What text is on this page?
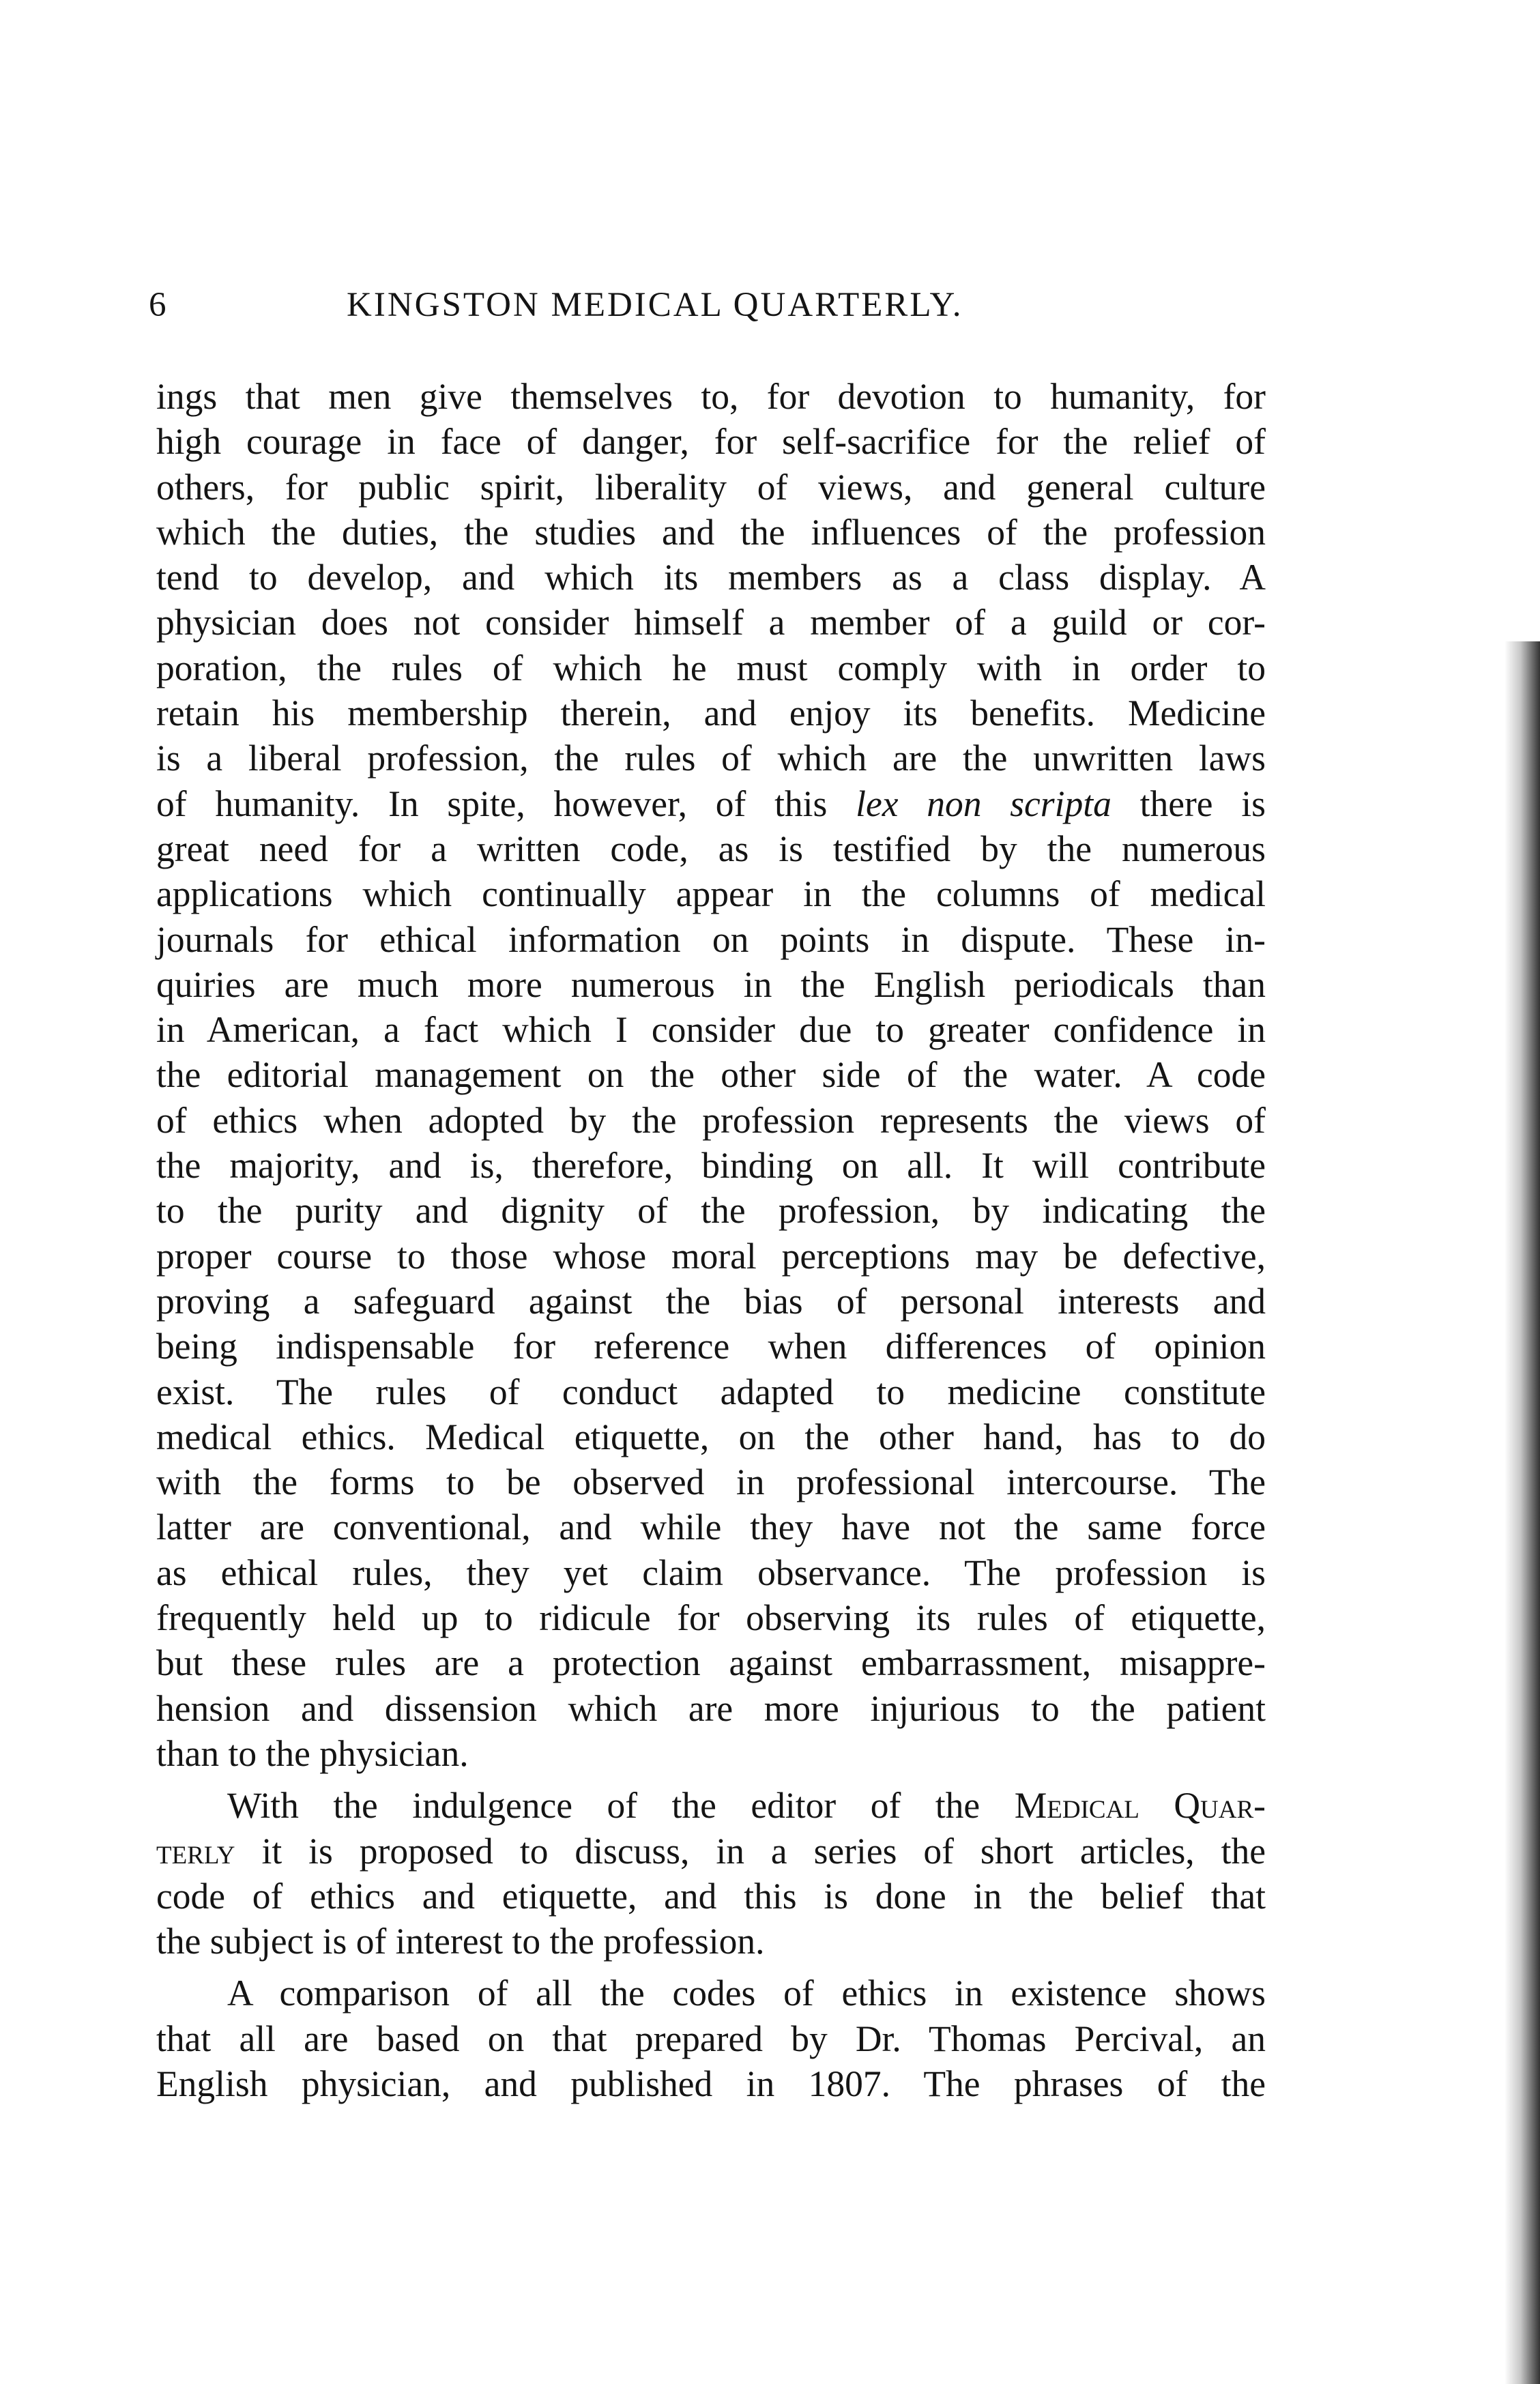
6	KINGSTON MEDICAL QUARTERLY.
ings that men give themselves to, for devotion to humanity, for
high courage in face of danger, for self-sacrifice for the relief of
others, for public spirit, liberality of views, and general culture
which the duties, the studies and the influences of the profession
tend to develop, and which its members as a class display. A
physician does not consider himself a member of a guild or cor-
poration, the rules of which he must comply with in order to
retain his membership therein, and enjoy its benefits. Medicine
is a liberal profession, the rules of which are the unwritten laws
of humanity. In spite, however, of this lex non scripta there is
great need for a written code, as is testified by the numerous
applications which continually appear in the columns of medical
journals for ethical information on points in dispute. These in-
quiries are much more numerous in the English periodicals than
in American, a fact which I consider due to greater confidence in
the editorial management on the other side of the water. A code
of ethics when adopted by the profession represents the views of
the majority, and is, therefore, binding on all. It will contribute
to the purity and dignity of the profession, by indicating the
proper course to those whose moral perceptions may be defective,
proving a safeguard against the bias of personal interests and
being indispensable for reference when differences of opinion
exist. The rules of conduct adapted to medicine constitute
medical ethics. Medical etiquette, on the other hand, has to do
with the forms to be observed in professional intercourse. The
latter are conventional, and while they have not the same force
as ethical rules, they yet claim observance. The profession is
frequently held up to ridicule for observing its rules of etiquette,
but these rules are a protection against embarrassment, misappre-
hension and dissension which are more injurious to the patient
than to the physician.
With the indulgence of the editor of the Medical Quar-
terly it is proposed to discuss, in a series of short articles, the
code of ethics and etiquette, and this is done in the belief that
the subject is of interest to the profession.
A comparison of all the codes of ethics in existence shows
that all are based on that prepared by Dr. Thomas Percival, an
English physician, and published in 1807. The phrases of the
